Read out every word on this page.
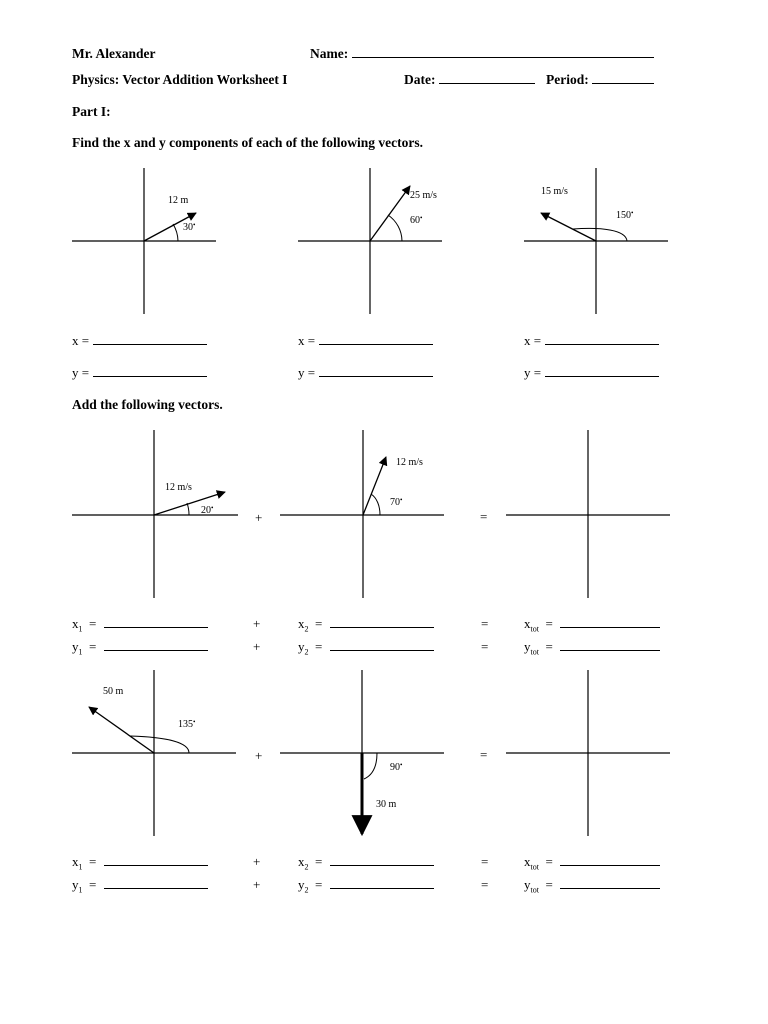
Mr. Alexander	Name:
Physics: Vector Addition Worksheet I	Date:	Period:
Part I:
Find the x and y components of each of the following vectors.
Add the following vectors.
12 m
30•
25 m/s
60•
15 m/s
150•
12 m/s
20•
+
12 m/s
70•
=
50 m
135•
+
90•
30 m
=
x =
y =
x =
y =
x =
y =
$x_1$ =	+	$x_2$ =	=	$x_{tot}$ =
$y_1$ =	+	$y_2$ =	=	$y_{tot}$ =
$x_1$ =	+	$x_2$ =	=	$x_{tot}$ =
$y_1$ =	+	$y_2$ =	=	$y_{tot}$ =
